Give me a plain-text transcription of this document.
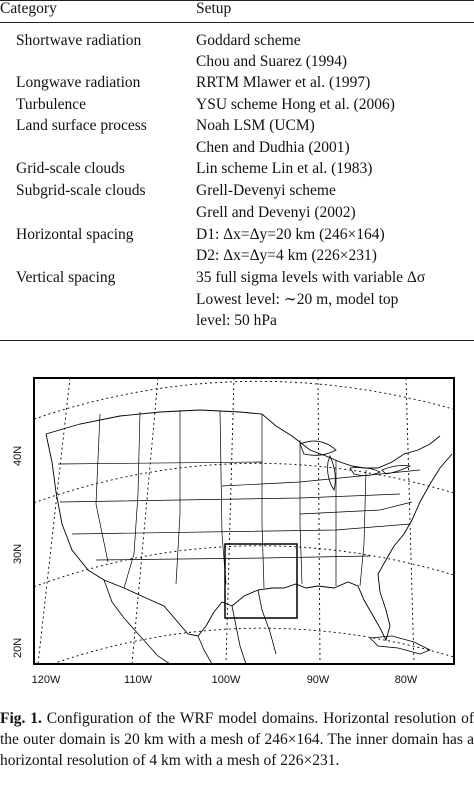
Category	Setup
Shortwave radiation	Goddard scheme
Chou and Suarez (1994)
Longwave radiation	RRTM Mlawer et al. (1997)
Turbulence	YSU scheme Hong et al. (2006)
Land surface process	Noah LSM (UCM)
Chen and Dudhia (2001)
Grid-scale clouds	Lin scheme Lin et al. (1983)
Subgrid-scale clouds	Grell-Devenyi scheme
Grell and Devenyi (2002)
Horizontal spacing	D1: Δx=Δy=20 km (246×164)
D2: Δx=Δy=4 km (226×231)
Vertical spacing	35 full sigma levels with variable Δσ
Lowest level: ∼20 m, model top
level: 50 hPa
40N
30N
20N
120W	110W	100W	90W	80W
Fig. 1. Configuration of the WRF model domains. Horizontal resolution of the outer domain is 20 km with a mesh of 246×164. The inner domain has a horizontal resolution of 4 km with a mesh of 226×231.
